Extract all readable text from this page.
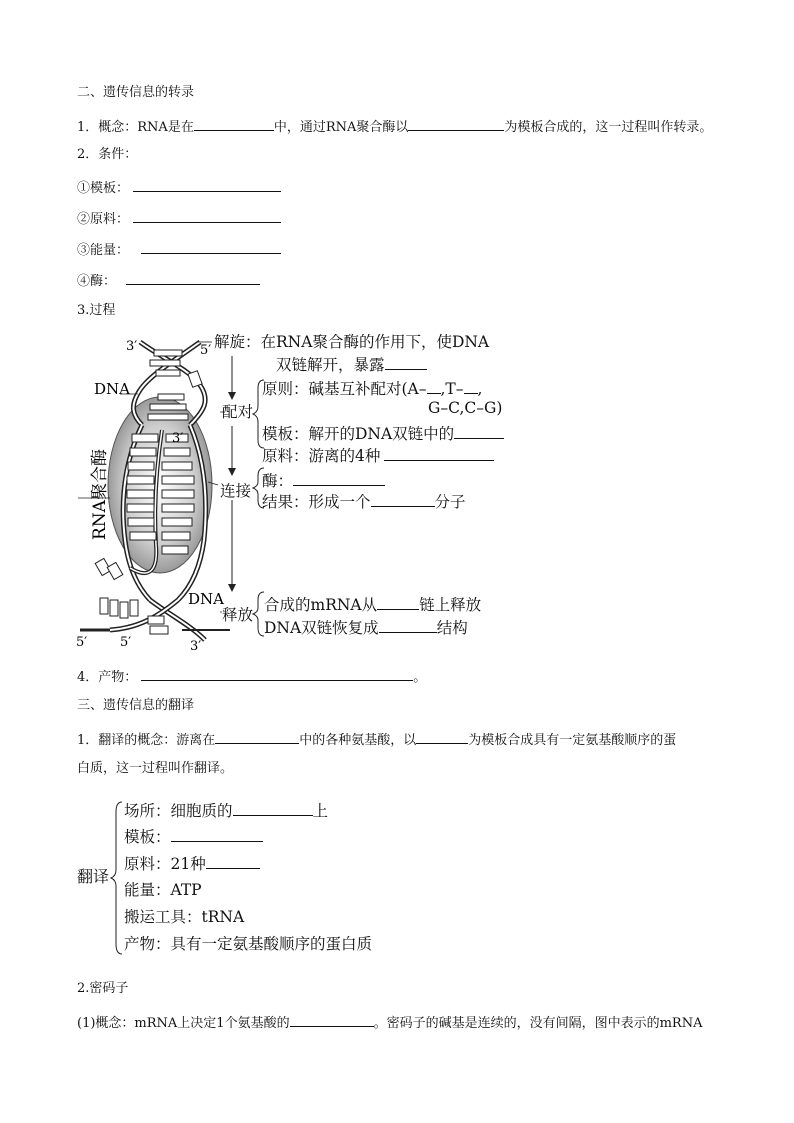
二、遗传信息的转录
1．概念：RNA是在	中，通过RNA聚合酶以	为模板合成的，这一过程叫作转录。
2．条件：
①模板：
②原料：
③能量：
④酶：
3.过程
3′	5′
DNA
RNA聚合酶
3′
DNA
5′	5′	3′
解旋：在RNA聚合酶的作用下，使DNA
双链解开，暴露
配对
原则：碱基互补配对(A– ,T– ,
G–C,C–G)
模板：解开的DNA双链中的
原料：游离的4种
连接
酶：
结果：形成一个	分子
释放
合成的mRNA从	链上释放
DNA双链恢复成	结构
4．产物：	。
三、遗传信息的翻译
1．翻译的概念：游离在	中的各种氨基酸，以	为模板合成具有一定氨基酸顺序的蛋
白质，这一过程叫作翻译。
翻译
场所：细胞质的	上
模板：
原料：21种
能量：ATP
搬运工具：tRNA
产物：具有一定氨基酸顺序的蛋白质
2.密码子
(1)概念：mRNA上决定1个氨基酸的	。密码子的碱基是连续的，没有间隔，图中表示的mRNA
